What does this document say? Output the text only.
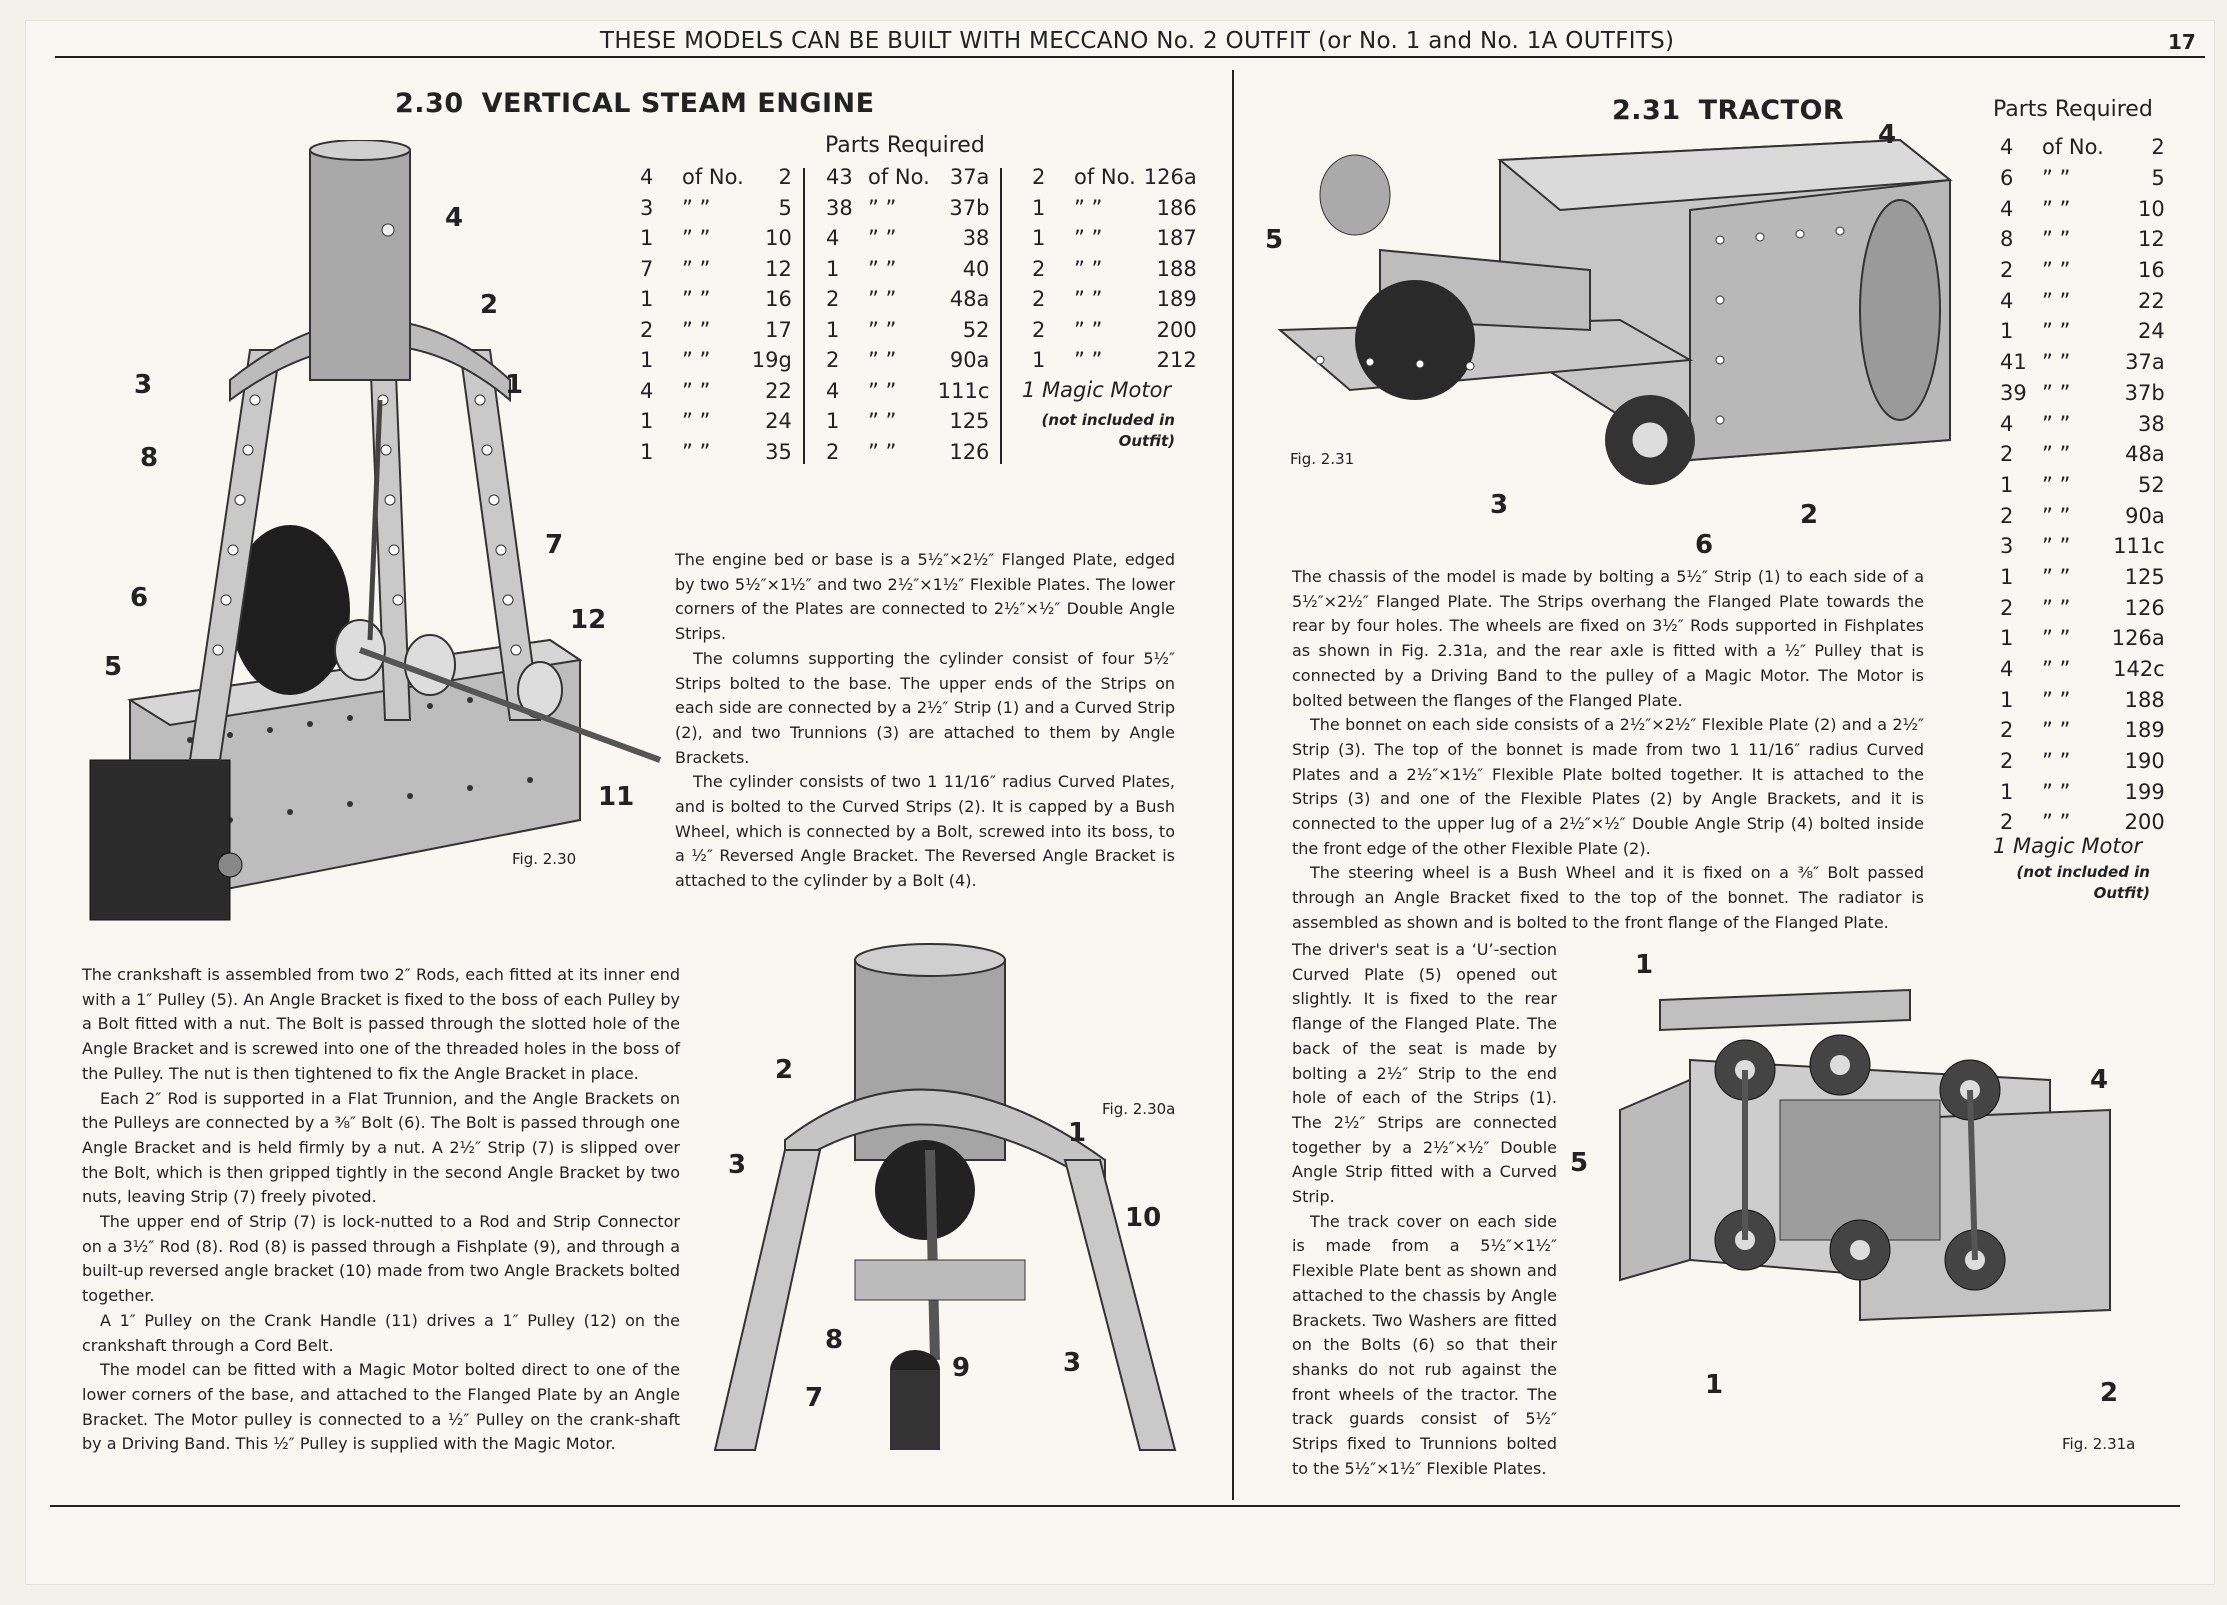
THESE MODELS CAN BE BUILT WITH MECCANO No. 2 OUTFIT (or No. 1 and No. 1A OUTFITS)	17
2.30 VERTICAL STEAM ENGINE
Parts Required
4	of No.	2
3	” ”	5
1	” ”	10
7	” ”	12
1	” ”	16
2	” ”	17
1	” ”	19g
4	” ”	22
1	” ”	24
1	” ”	35
43	of No.	37a
38	” ”	37b
4	” ”	38
1	” ”	40
2	” ”	48a
1	” ”	52
2	” ”	90a
4	” ”	111c
1	” ”	125
2	” ”	126
2	of No.	126a
1	” ”	186
1	” ”	187
2	” ”	188
2	” ”	189
2	” ”	200
1	” ”	212
1 Magic Motor
(not included in Outfit)
4
2
3	1
8
7
6
12
5
11
Fig. 2.30

The engine bed or base is a 5½″×2½″ Flanged Plate, edged by two 5½″×1½″ and two 2½″×1½″ Flexible Plates. The lower corners of the Plates are connected to 2½″×½″ Double Angle Strips.

The columns supporting the cylinder consist of four 5½″ Strips bolted to the base. The upper ends of the Strips on each side are connected by a 2½″ Strip (1) and a Curved Strip (2), and two Trunnions (3) are attached to them by Angle Brackets.

The cylinder consists of two 1 11/16″ radius Curved Plates, and is bolted to the Curved Strips (2). It is capped by a Bush Wheel, which is connected by a Bolt, screwed into its boss, to a ½″ Reversed Angle Bracket. The Reversed Angle Bracket is attached to the cylinder by a Bolt (4).

The crankshaft is assembled from two 2″ Rods, each fitted at its inner end with a 1″ Pulley (5). An Angle Bracket is fixed to the boss of each Pulley by a Bolt fitted with a nut. The Bolt is passed through the slotted hole of the Angle Bracket and is screwed into one of the threaded holes in the boss of the Pulley. The nut is then tightened to fix the Angle Bracket in place.

Each 2″ Rod is supported in a Flat Trunnion, and the Angle Brackets on the Pulleys are connected by a ⅜″ Bolt (6). The Bolt is passed through one Angle Bracket and is held firmly by a nut. A 2½″ Strip (7) is slipped over the Bolt, which is then gripped tightly in the second Angle Bracket by two nuts, leaving Strip (7) freely pivoted.

The upper end of Strip (7) is lock-nutted to a Rod and Strip Connector on a 3½″ Rod (8). Rod (8) is passed through a Fishplate (9), and through a built-up reversed angle bracket (10) made from two Angle Brackets bolted together.

A 1″ Pulley on the Crank Handle (11) drives a 1″ Pulley (12) on the crankshaft through a Cord Belt.

The model can be fitted with a Magic Motor bolted direct to one of the lower corners of the base, and attached to the Flanged Plate by an Angle Bracket. The Motor pulley is connected to a ½″ Pulley on the crank-shaft by a Driving Band. This ½″ Pulley is supplied with the Magic Motor.

2
3
1
10
8
9	3
7
Fig. 2.30a
2.31 TRACTOR	Parts Required
4	of No.	2
6	” ”	5
4	” ”	10
8	” ”	12
2	” ”	16
4	” ”	22
1	” ”	24
41	” ”	37a
39	” ”	37b
4	” ”	38
2	” ”	48a
1	” ”	52
2	” ”	90a
3	” ”	111c
1	” ”	125
2	” ”	126
1	” ”	126a
4	” ”	142c
1	” ”	188
2	” ”	189
2	” ”	190
1	” ”	199
2	” ”	200
1 Magic Motor
(not included in Outfit)
5
4
3	2
6
Fig. 2.31

The chassis of the model is made by bolting a 5½″ Strip (1) to each side of a 5½″×2½″ Flanged Plate. The Strips overhang the Flanged Plate towards the rear by four holes. The wheels are fixed on 3½″ Rods supported in Fishplates as shown in Fig. 2.31a, and the rear axle is fitted with a ½″ Pulley that is connected by a Driving Band to the pulley of a Magic Motor. The Motor is bolted between the flanges of the Flanged Plate.

The bonnet on each side consists of a 2½″×2½″ Flexible Plate (2) and a 2½″ Strip (3). The top of the bonnet is made from two 1 11/16″ radius Curved Plates and a 2½″×1½″ Flexible Plate bolted together. It is attached to the Strips (3) and one of the Flexible Plates (2) by Angle Brackets, and it is connected to the upper lug of a 2½″×½″ Double Angle Strip (4) bolted inside the front edge of the other Flexible Plate (2).

The steering wheel is a Bush Wheel and it is fixed on a ⅜″ Bolt passed through an Angle Bracket fixed to the top of the bonnet. The radiator is assembled as shown and is bolted to the front flange of the Flanged Plate.

The driver's seat is a ‘U’-section Curved Plate (5) opened out slightly. It is fixed to the rear flange of the Flanged Plate. The back of the seat is made by bolting a 2½″ Strip to the end hole of each of the Strips (1). The 2½″ Strips are connected together by a 2½″×½″ Double Angle Strip fitted with a Curved Strip.

The track cover on each side is made from a 5½″×1½″ Flexible Plate bent as shown and attached to the chassis by Angle Brackets. Two Washers are fitted on the Bolts (6) so that their shanks do not rub against the front wheels of the tractor. The track guards consist of 5½″ Strips fixed to Trunnions bolted to the 5½″×1½″ Flexible Plates.

1
4
5
1	2
Fig. 2.31a
